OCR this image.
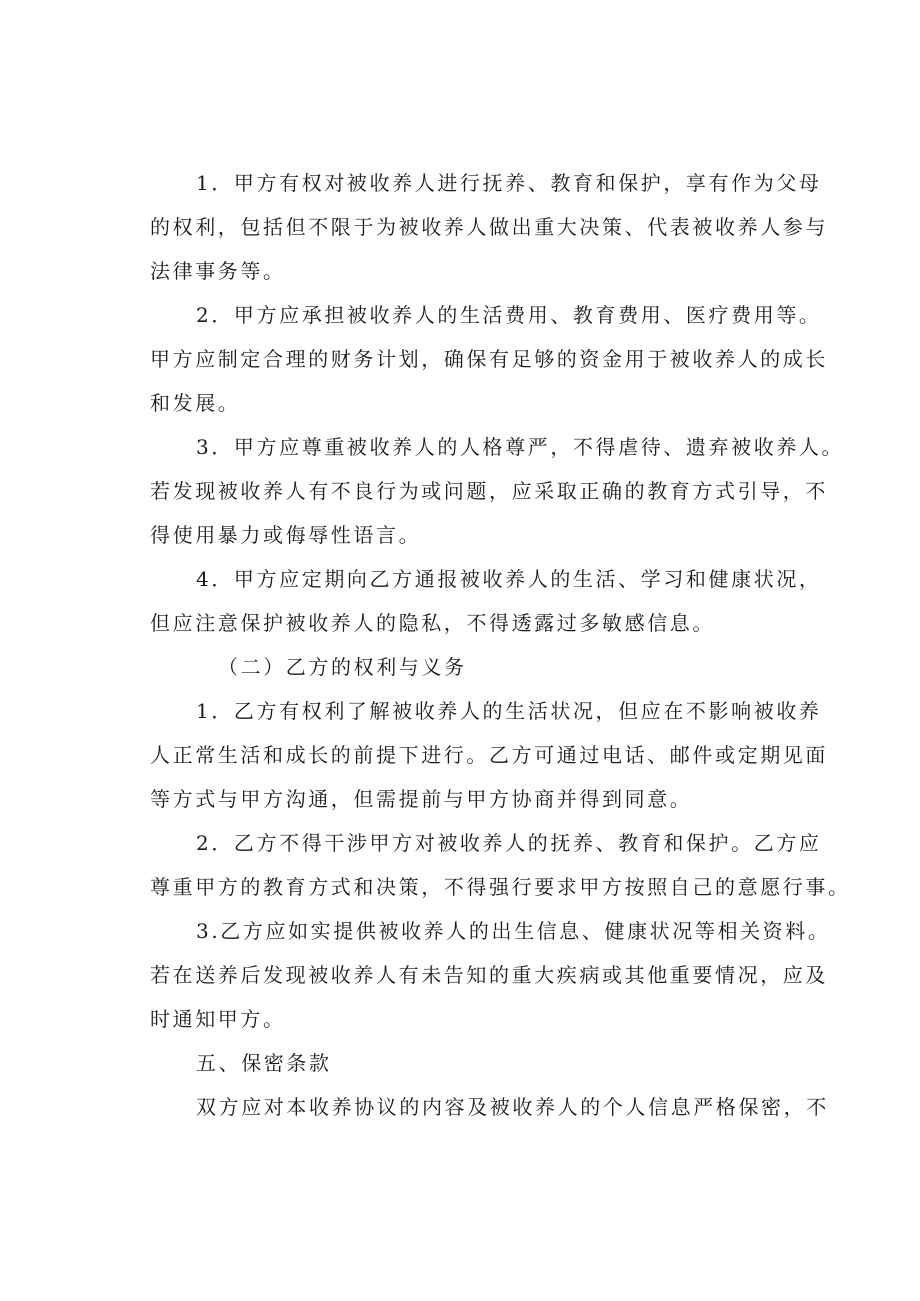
1．甲方有权对被收养人进行抚养、教育和保护，享有作为父母
的权利，包括但不限于为被收养人做出重大决策、代表被收养人参与
法律事务等。
2．甲方应承担被收养人的生活费用、教育费用、医疗费用等。
甲方应制定合理的财务计划，确保有足够的资金用于被收养人的成长
和发展。
3．甲方应尊重被收养人的人格尊严，不得虐待、遗弃被收养人。
若发现被收养人有不良行为或问题，应采取正确的教育方式引导，不
得使用暴力或侮辱性语言。
4．甲方应定期向乙方通报被收养人的生活、学习和健康状况，
但应注意保护被收养人的隐私，不得透露过多敏感信息。
（二）乙方的权利与义务
1．乙方有权利了解被收养人的生活状况，但应在不影响被收养
人正常生活和成长的前提下进行。乙方可通过电话、邮件或定期见面
等方式与甲方沟通，但需提前与甲方协商并得到同意。
2．乙方不得干涉甲方对被收养人的抚养、教育和保护。乙方应
尊重甲方的教育方式和决策，不得强行要求甲方按照自己的意愿行事。
3.乙方应如实提供被收养人的出生信息、健康状况等相关资料。
若在送养后发现被收养人有未告知的重大疾病或其他重要情况，应及
时通知甲方。
五、保密条款
双方应对本收养协议的内容及被收养人的个人信息严格保密，不
